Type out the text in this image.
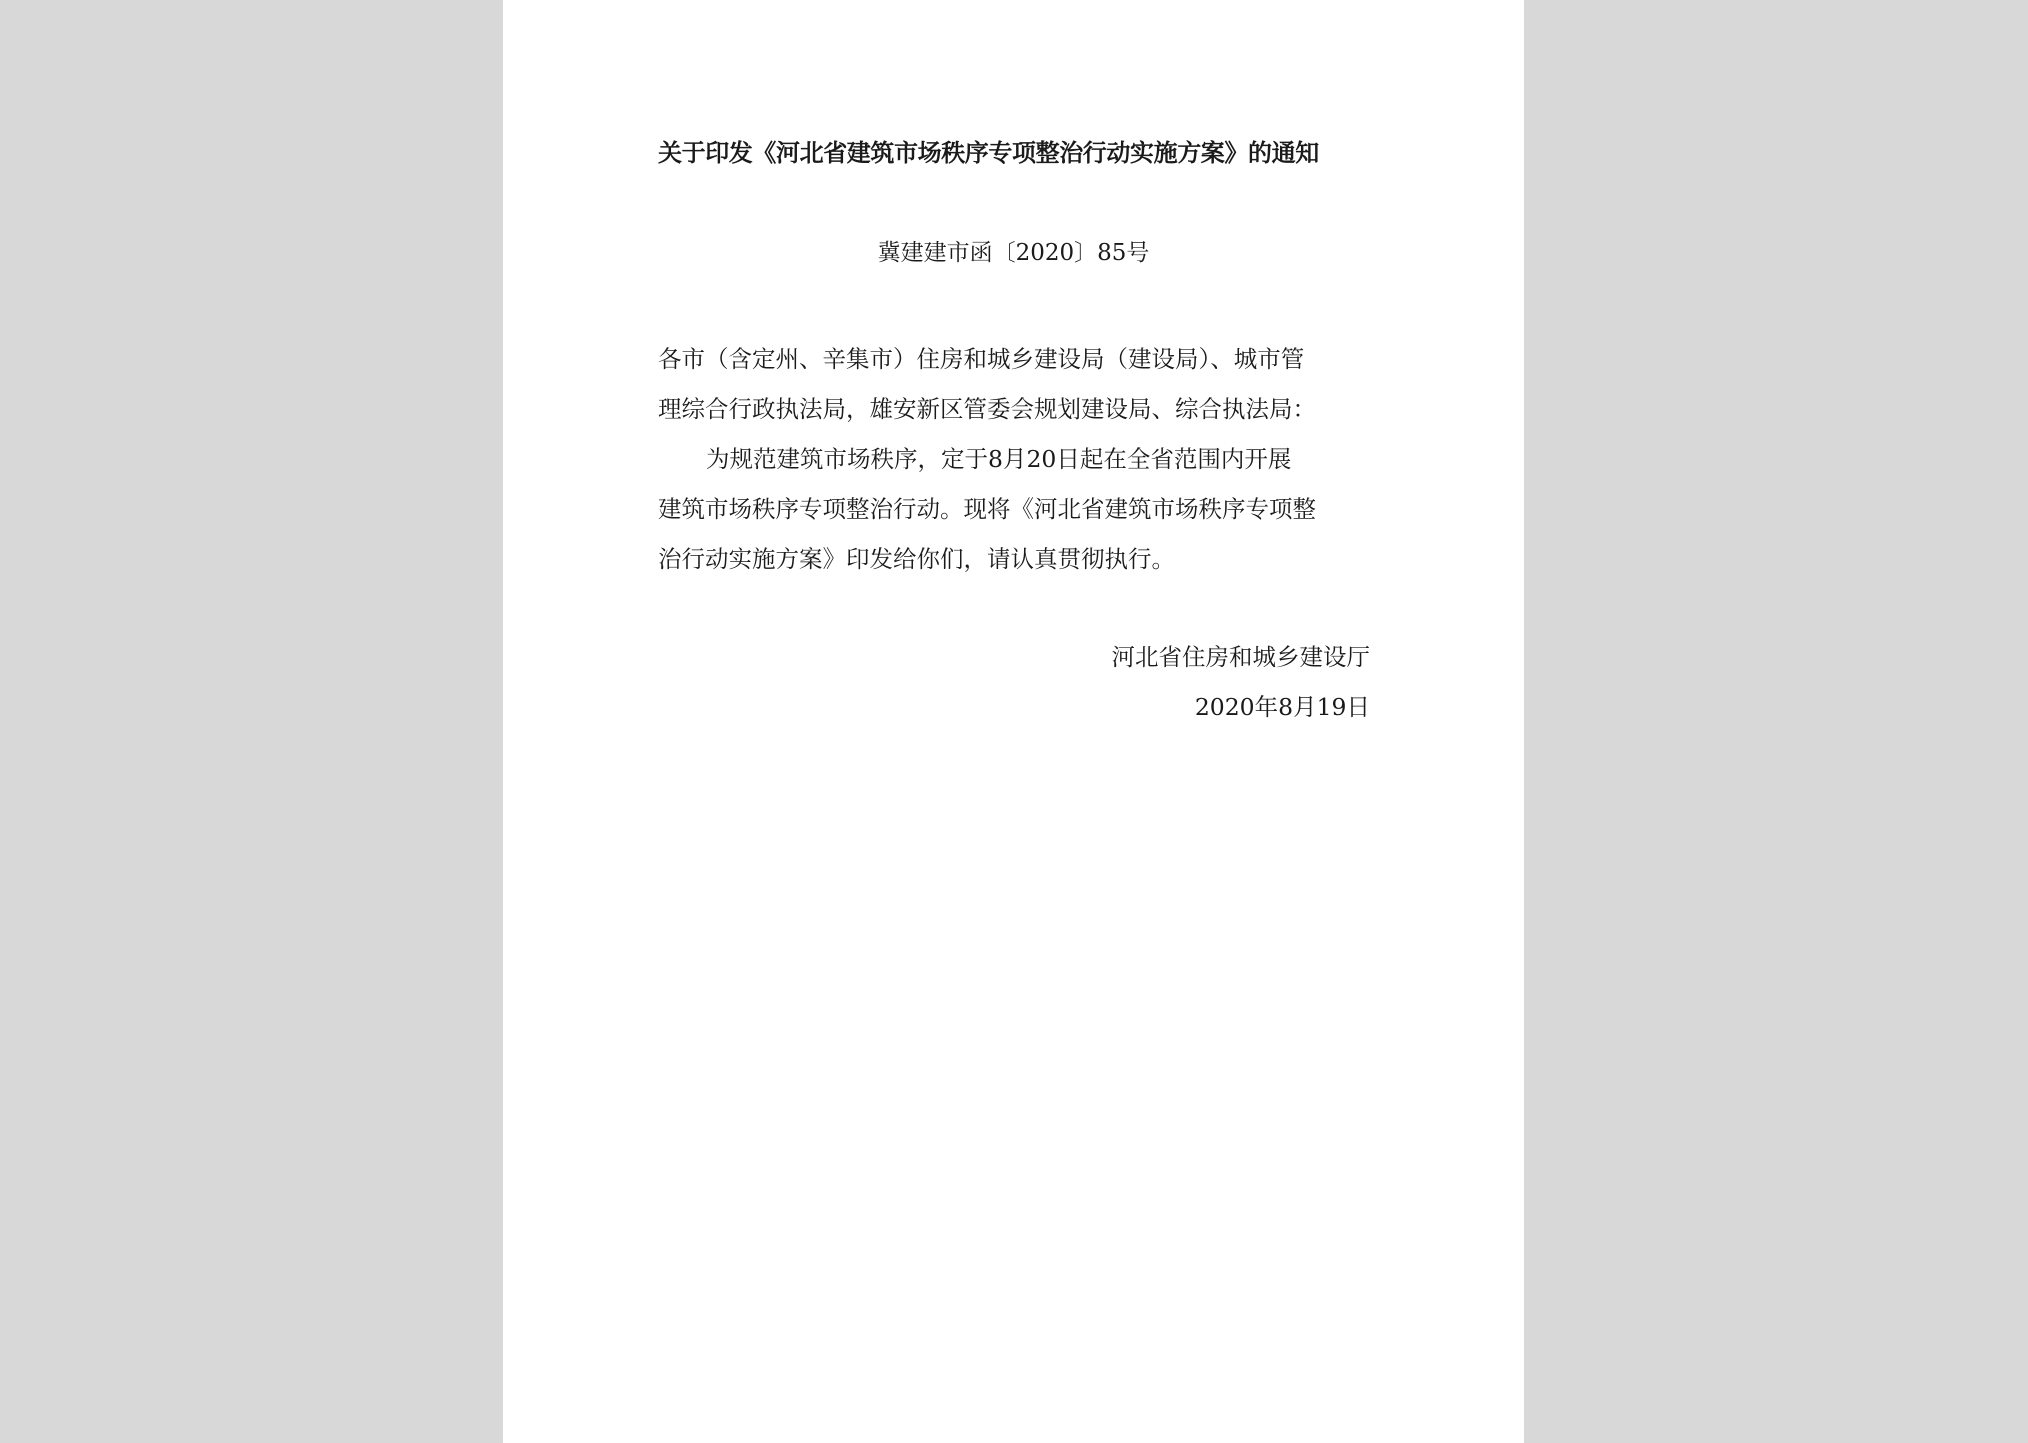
关于印发《河北省建筑市场秩序专项整治行动实施方案》的通知

冀建建市函〔2020〕85号

各市（含定州、辛集市）住房和城乡建设局（建设局）、城市管
理综合行政执法局，雄安新区管委会规划建设局、综合执法局：
为规范建筑市场秩序，定于8月20日起在全省范围内开展
建筑市场秩序专项整治行动。现将《河北省建筑市场秩序专项整
治行动实施方案》印发给你们，请认真贯彻执行。
河北省住房和城乡建设厅
2020年8月19日
